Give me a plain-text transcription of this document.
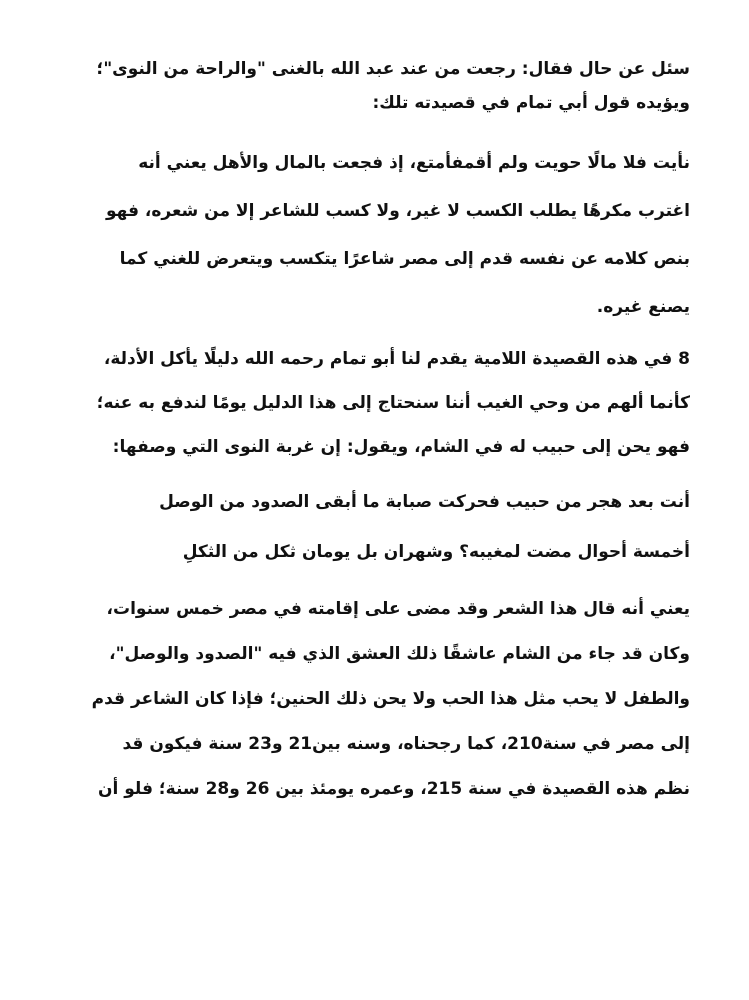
سئل عن حال فقال: رجعت من عند عبد الله بالغنى "والراحة من النوى"؛
ويؤيده قول أبي تمام في قصيدته تلك:
نأيت فلا مالًا حويت ولم أقمفأمتع، إذ فجعت بالمال والأهل يعني أنه
اغترب مكرهًا يطلب الكسب لا غير، ولا كسب للشاعر إلا من شعره، فهو
بنص كلامه عن نفسه قدم إلى مصر شاعرًا يتكسب ويتعرض للغني كما
يصنع غيره.
8 في هذه القصيدة اللامية يقدم لنا أبو تمام رحمه الله دليلًا يأكل الأدلة،
كأنما ألهم من وحي الغيب أننا سنحتاج إلى هذا الدليل يومًا لندفع به عنه؛
فهو يحن إلى حبيب له في الشام، ويقول: إن غربة النوى التي وصفها:
أنت بعد هجر من حبيب فحركت صبابة ما أبقى الصدود من الوصل
أخمسة أحوال مضت لمغيبه؟ وشهران بل يومان ثكل من الثكلِ
يعني أنه قال هذا الشعر وقد مضى على إقامته في مصر خمس سنوات،
وكان قد جاء من الشام عاشقًا ذلك العشق الذي فيه "الصدود والوصل"،
والطفل لا يحب مثل هذا الحب ولا يحن ذلك الحنين؛ فإذا كان الشاعر قدم
إلى مصر في سنة210، كما رجحناه، وسنه بين21 و23 سنة فيكون قد
نظم هذه القصيدة في سنة 215، وعمره يومئذ بين 26 و28 سنة؛ فلو أن
